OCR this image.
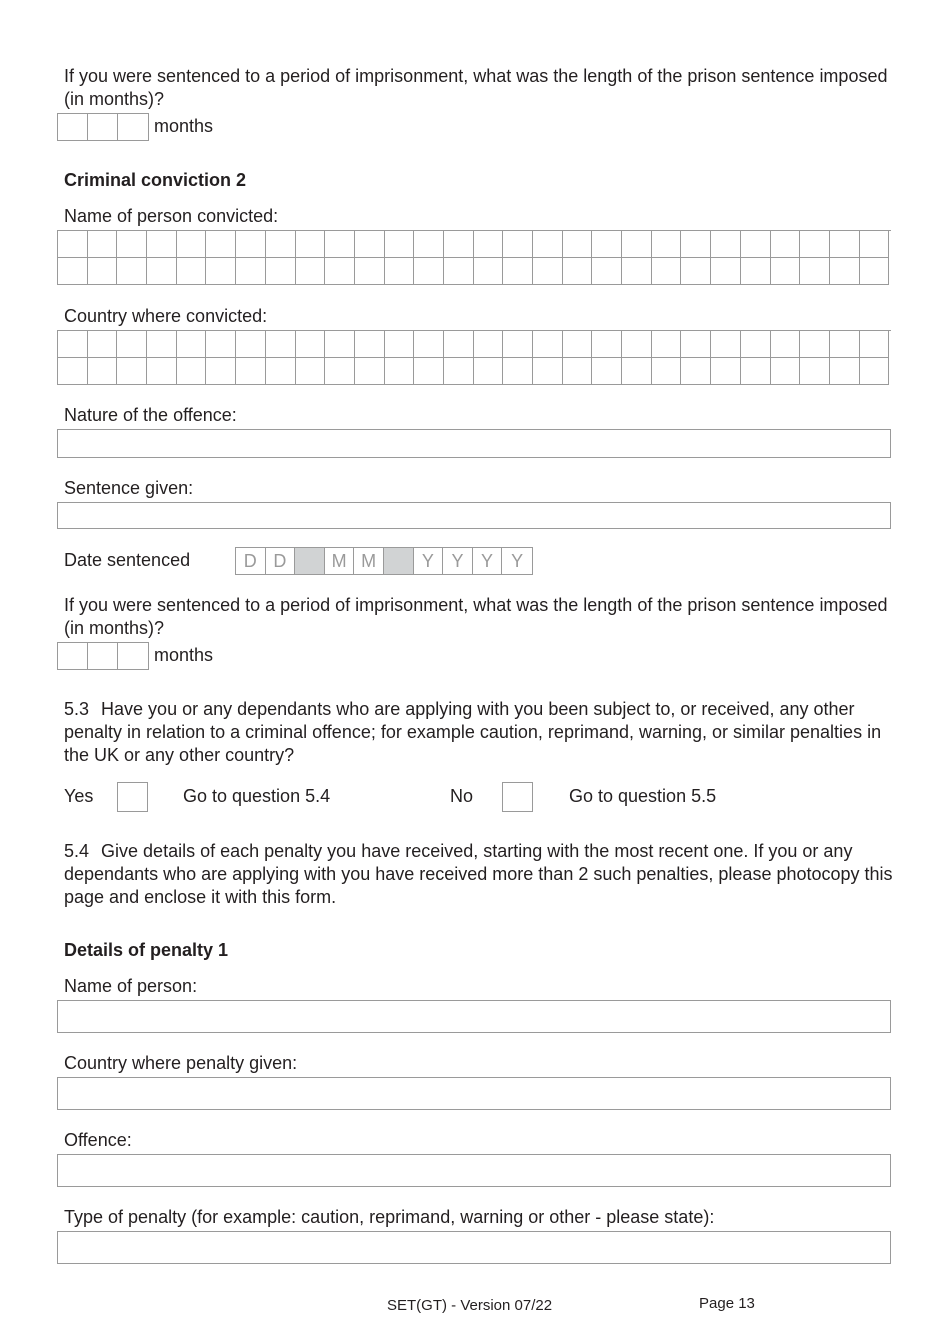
If you were sentenced to a period of imprisonment, what was the length of the prison sentence imposed (in months)?
months
Criminal conviction 2
Name of person convicted:
Country where convicted:
Nature of the offence:
Sentence given:
Date sentenced	D D	M M	Y Y Y	Y
If you were sentenced to a period of imprisonment, what was the length of the prison sentence imposed (in months)?
months
5.3 Have you or any dependants who are applying with you been subject to, or received, any other penalty in relation to a criminal offence; for example caution, reprimand, warning, or similar penalties in the UK or any other country?
Yes	Go to question 5.4	No	Go to question 5.5
5.4 Give details of each penalty you have received, starting with the most recent one. If you or any dependants who are applying with you have received more than 2 such penalties, please photocopy this page and enclose it with this form.
Details of penalty 1
Name of person:
Country where penalty given:
Offence:
Type of penalty (for example: caution, reprimand, warning or other - please state):
SET(GT) - Version 07/22	Page 13
